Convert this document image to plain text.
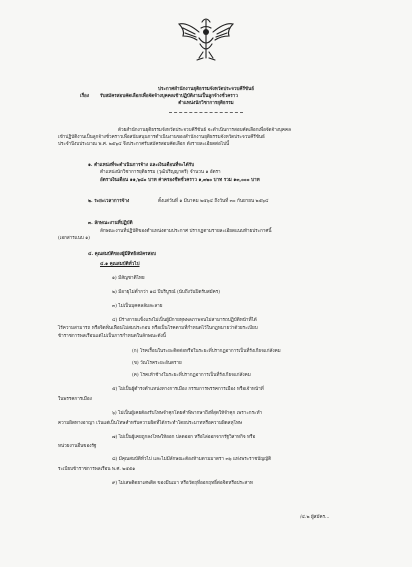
ประกาศสำนักงานยุติธรรมจังหวัดประจวบคีรีขันธ์
เรื่อง รับสมัครสอบคัดเลือกเพื่อจัดจ้างบุคคลเข้าปฏิบัติงานเป็นลูกจ้างชั่วคราว
ตำแหน่งนักวิชาการยุติธรรม
ด้วยสำนักงานยุติธรรมจังหวัดประจวบคีรีขันธ์ จะดำเนินการสอบคัดเลือกเพื่อจัดจ้างบุคคล
เข้าปฏิบัติงานเป็นลูกจ้างชั่วคราวเพื่อสนับสนุนการดำเนินงานของสำนักงานยุติธรรมจังหวัดประจวบคีรีขันธ์
ประจำปีงบประมาณ พ.ศ. ๒๕๖๔ จึงประกาศรับสมัครสอบคัดเลือก ดังรายละเอียดต่อไปนี้
๑. ตำแหน่งที่จะดำเนินการจ้าง และเงินเดือนที่จะได้รับ
ตำแหน่งนักวิชาการยุติธรรม (วุฒิปริญญาตรี) จำนวน ๑ อัตรา
อัตราเงินเดือน ๑๑,๖๘๐ บาท ค่าครองชีพชั่วคราว ๑,๓๒๐ บาท รวม ๑๓,๐๐๐ บาท
๒. ระยะเวลาการจ้าง	ตั้งแต่วันที่ ๑ มีนาคม ๒๕๖๔ ถึงวันที่ ๓๐ กันยายน ๒๕๖๔
๓. ลักษณะงานที่ปฏิบัติ
ลักษณะงานที่ปฏิบัติของตำแหน่งตามประกาศ ปรากฏตามรายละเอียดแนบท้ายประกาศนี้
(เอกสารแนบ ๑)
๔. คุณสมบัติของผู้มีสิทธิสมัครสอบ
๔.๑ คุณสมบัติทั่วไป
๑) มีสัญชาติไทย
๒) มีอายุไม่ต่ำกว่า ๑๘ ปีบริบูรณ์ (นับถึงวันปิดรับสมัคร)
๓) ไม่เป็นบุคคลล้มละลาย
๔) มีร่างกายแข็งแรงไม่เป็นผู้มีกายทุพพลภาพจนไม่สามารถปฏิบัติหน้าที่ได้
ไร้ความสามารถ หรือจิตฟั่นเฟือนไม่สมประกอบ หรือเป็นโรคตามที่กำหนดไว้ในกฎหมายว่าด้วยระเบียบ
ข้าราชการพลเรือนแต่ไม่เป็นการกำหนดในลักษณะดังนี้
(ก) โรคเรื้อนในระยะติดต่อหรือในระยะที่ปรากฏอาการเป็นที่รังเกียจแก่สังคม
(ข) วัณโรคระยะอันตราย
(ค) โรคเท้าช้างในระยะที่ปรากฏอาการเป็นที่รังเกียจแก่สังคม
๕) ไม่เป็นผู้ดำรงตำแหน่งทางการเมือง กรรมการพรรคการเมือง หรือเจ้าหน้าที่
ในพรรคการเมือง
๖) ไม่เป็นผู้เคยต้องรับโทษจำคุกโดยคำพิพากษาถึงที่สุดให้จำคุก เพราะกระทำ
ความผิดทางอาญา เว้นแต่เป็นโทษสำหรับความผิดที่ได้กระทำโดยประมาทหรือความผิดลหุโทษ
๗) ไม่เป็นผู้เคยถูกลงโทษให้ออก ปลดออก หรือไล่ออกจากรัฐวิสาหกิจ หรือ
หน่วยงานอื่นของรัฐ
๘) มีคุณสมบัติทั่วไป และไม่มีลักษณะต้องห้ามตามมาตรา ๓๖ แห่งพระราชบัญญัติ
ระเบียบข้าราชการพลเรือน พ.ศ. ๒๕๕๑
๙) ไม่เสพติดยาเสพติด ของมึนเมา หรือวัตถุที่ออกฤทธิ์ต่อจิตหรือประสาท
/๔.๒ ผู้สมัคร...
